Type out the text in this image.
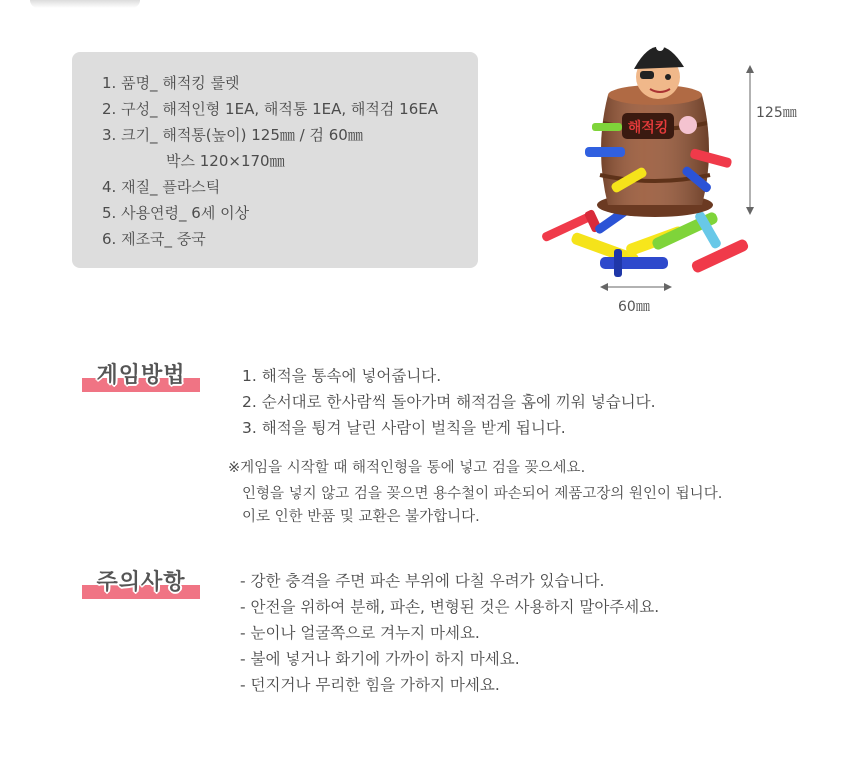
1. 품명_ 해적킹 룰렛
2. 구성_ 해적인형 1EA, 해적통 1EA, 해적검 16EA
3. 크기_ 해적통(높이) 125㎜ / 검 60㎜
박스 120×170㎜
4. 재질_ 플라스틱
5. 사용연령_ 6세 이상
6. 제조국_ 중국
해적킹
125㎜
60㎜
게임방법	1. 해적을 통속에 넣어줍니다.
2. 순서대로 한사람씩 돌아가며 해적검을 홈에 끼워 넣습니다.
3. 해적을 튕겨 날린 사람이 벌칙을 받게 됩니다.
※게임을 시작할 때 해적인형을 통에 넣고 검을 꽂으세요.
인형을 넣지 않고 검을 꽂으면 용수철이 파손되어 제품고장의 원인이 됩니다.
이로 인한 반품 및 교환은 불가합니다.
주의사항	- 강한 충격을 주면 파손 부위에 다칠 우려가 있습니다.
- 안전을 위하여 분해, 파손, 변형된 것은 사용하지 말아주세요.
- 눈이나 얼굴쪽으로 겨누지 마세요.
- 불에 넣거나 화기에 가까이 하지 마세요.
- 던지거나 무리한 힘을 가하지 마세요.
